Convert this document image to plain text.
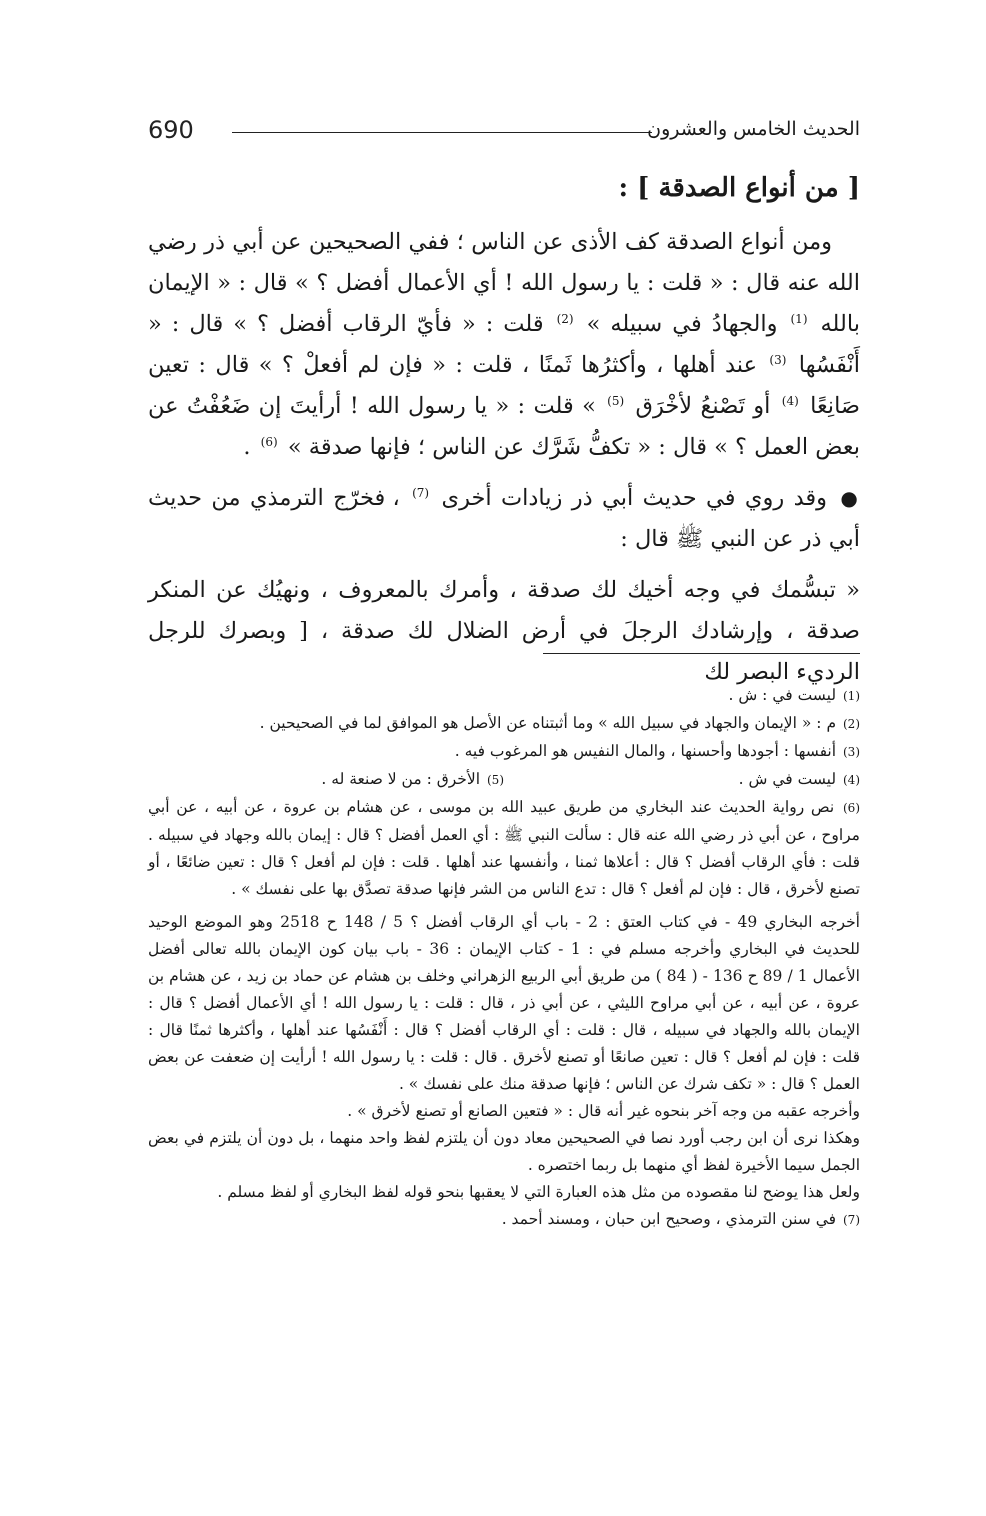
690	الحديث الخامس والعشرون
[ من أنواع الصدقة ] :

ومن أنواع الصدقة كف الأذى عن الناس ؛ ففي الصحيحين عن أبي ذر رضي الله عنه قال : « قلت : يا رسول الله ! أي الأعمال أفضل ؟ » قال : « الإيمان بالله $^{(1)}$ والجهادُ في سبيله » $^{(2)}$ قلت : « فأيّ الرقاب أفضل ؟ » قال : « أَنْفَسُها $^{(3)}$ عند أهلها ، وأكثرُها ثَمنًا ، قلت : « فإن لم أفعلْ ؟ » قال : تعين صَانِعًا $^{(4)}$ أو تَصْنعُ لأخْرَق $^{(5)}$ » قلت : « يا رسول الله ! أرأيتَ إن ضَعُفْتُ عن بعض العمل ؟ » قال : « تكفُّ شَرَّك عن الناس ؛ فإنها صدقة » $^{(6)}$ .

● وقد روي في حديث أبي ذر زيادات أخرى $^{(7)}$ ، فخرّج الترمذي من حديث أبي ذر عن النبي ﷺ قال :

« تبسُّمك في وجه أخيك لك صدقة ، وأمرك بالمعروف ، ونهيُك عن المنكر صدقة ، وإرشادك الرجلَ في أرض الضلال لك صدقة ، [ وبصرك للرجل الرديء البصر لك

(1) ليست في : ش .

(2) م : « الإيمان والجهاد في سبيل الله » وما أثبتناه عن الأصل هو الموافق لما في الصحيحين .

(3) أنفسها : أجودها وأحسنها ، والمال النفيس هو المرغوب فيه .

(4) ليست في ش .

(5) الأخرق : من لا صنعة له .

(6) نص رواية الحديث عند البخاري من طريق عبيد الله بن موسى ، عن هشام بن عروة ، عن أبيه ، عن أبي مراوح ، عن أبي ذر رضي الله عنه قال : سألت النبي ﷺ : أي العمل أفضل ؟ قال : إيمان بالله وجهاد في سبيله . قلت : فأي الرقاب أفضل ؟ قال : أعلاها ثمنا ، وأنفسها عند أهلها . قلت : فإن لم أفعل ؟ قال : تعين ضائعًا ، أو تصنع لأخرق ، قال : فإن لم أفعل ؟ قال : تدع الناس من الشر فإنها صدقة تصدَّق بها على نفسك » .

أخرجه البخاري 49 - في كتاب العتق : 2 - باب أي الرقاب أفضل ؟ 5 / 148 ح 2518 وهو الموضع الوحيد للحديث في البخاري وأخرجه مسلم في : 1 - كتاب الإيمان : 36 - باب بيان كون الإيمان بالله تعالى أفضل الأعمال 1 / 89 ح 136 - ( 84 ) من طريق أبي الربيع الزهراني وخلف بن هشام عن حماد بن زيد ، عن هشام بن عروة ، عن أبيه ، عن أبي مراوح الليثي ، عن أبي ذر ، قال : قلت : يا رسول الله ! أي الأعمال أفضل ؟ قال : الإيمان بالله والجهاد في سبيله ، قال : قلت : أي الرقاب أفضل ؟ قال : أَنْفَسُها عند أهلها ، وأكثرها ثمنًا قال : قلت : فإن لم أفعل ؟ قال : تعين صانعًا أو تصنع لأخرق . قال : قلت : يا رسول الله ! أرأيت إن ضعفت عن بعض العمل ؟ قال : « تكف شرك عن الناس ؛ فإنها صدقة منك على نفسك » .

وأخرجه عقبه من وجه آخر بنحوه غير أنه قال : « فتعين الصانع أو تصنع لأخرق » .

وهكذا نرى أن ابن رجب أورد نصا في الصحيحين معاد دون أن يلتزم لفظ واحد منهما ، بل دون أن يلتزم في بعض الجمل سيما الأخيرة لفظ أي منهما بل ربما اختصره .

ولعل هذا يوضح لنا مقصوده من مثل هذه العبارة التي لا يعقبها بنحو قوله لفظ البخاري أو لفظ مسلم .

(7) في سنن الترمذي ، وصحيح ابن حبان ، ومسند أحمد .
